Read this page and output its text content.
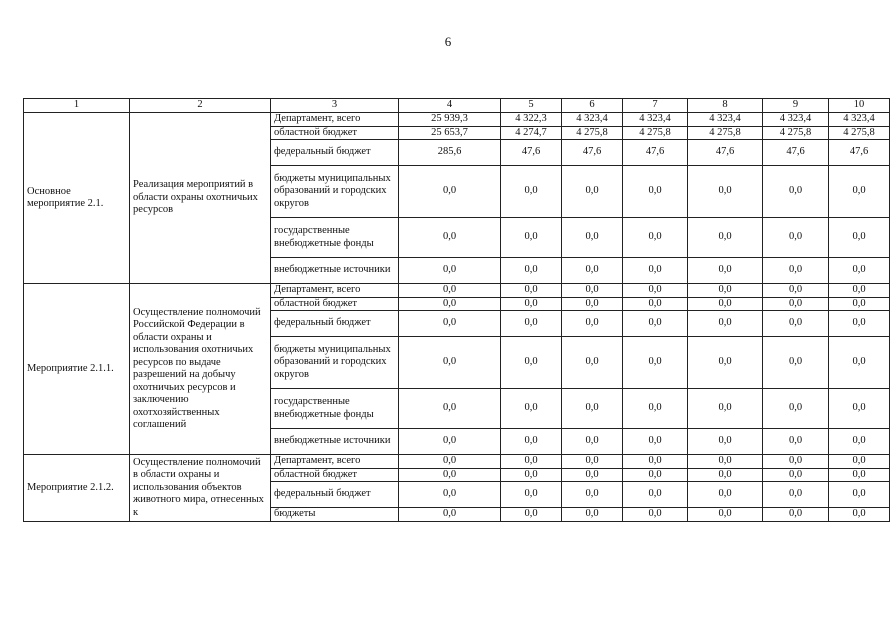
6
1	2	3	4	5	6	7	8	9	10
Основное мероприятие 2.1.	Реализация мероприятий в области охраны охотничьих ресурсов	Департамент, всего	25 939,3	4 322,3	4 323,4	4 323,4	4 323,4	4 323,4	4 323,4
		областной бюджет	25 653,7	4 274,7	4 275,8	4 275,8	4 275,8	4 275,8	4 275,8
		федеральный бюджет	285,6	47,6	47,6	47,6	47,6	47,6	47,6
		бюджеты муниципальных образований и городских округов	0,0	0,0	0,0	0,0	0,0	0,0	0,0
		государственные внебюджетные фонды	0,0	0,0	0,0	0,0	0,0	0,0	0,0
		внебюджетные источники	0,0	0,0	0,0	0,0	0,0	0,0	0,0
Мероприятие 2.1.1.	Осуществление полномочий Российской Федерации в области охраны и использования охотничьих ресурсов по выдаче разрешений на добычу охотничьих ресурсов и заключению охотхозяйственных соглашений	Департамент, всего	0,0	0,0	0,0	0,0	0,0	0,0	0,0
		областной бюджет	0,0	0,0	0,0	0,0	0,0	0,0	0,0
		федеральный бюджет	0,0	0,0	0,0	0,0	0,0	0,0	0,0
		бюджеты муниципальных образований и городских округов	0,0	0,0	0,0	0,0	0,0	0,0	0,0
		государственные внебюджетные фонды	0,0	0,0	0,0	0,0	0,0	0,0	0,0
		внебюджетные источники	0,0	0,0	0,0	0,0	0,0	0,0	0,0
Мероприятие 2.1.2.	Осуществление полномочий в области охраны и использования объектов животного мира, отнесенных к	Департамент, всего	0,0	0,0	0,0	0,0	0,0	0,0	0,0
		областной бюджет	0,0	0,0	0,0	0,0	0,0	0,0	0,0
		федеральный бюджет	0,0	0,0	0,0	0,0	0,0	0,0	0,0
		бюджеты	0,0	0,0	0,0	0,0	0,0	0,0	0,0
